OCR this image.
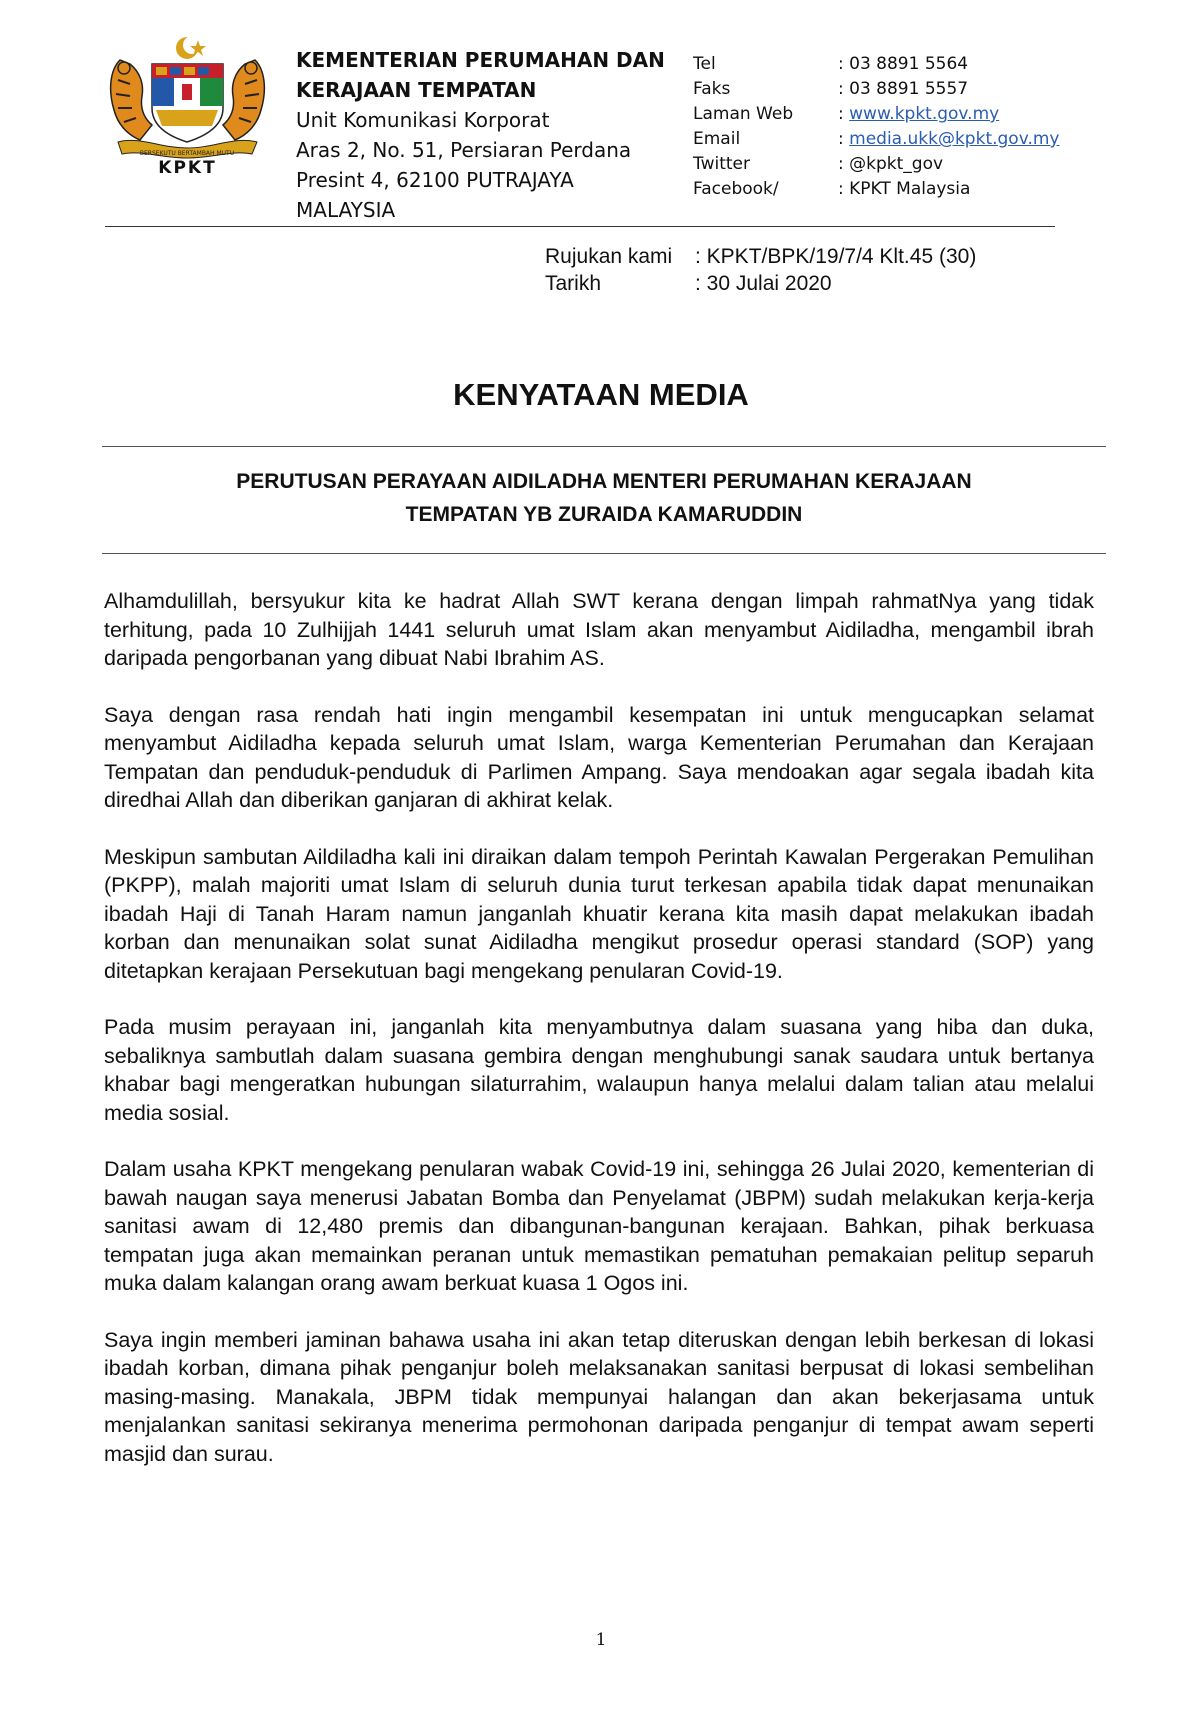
BERSEKUTU BERTAMBAH MUTU
KPKT
KEMENTERIAN PERUMAHAN DAN
KERAJAAN TEMPATAN
Unit Komunikasi Korporat
Aras 2, No. 51, Persiaran Perdana
Presint 4, 62100 PUTRAJAYA
MALAYSIA
Tel	: 03 8891 5564
Faks	: 03 8891 5557
Laman Web	: www.kpkt.gov.my
Email	: media.ukk@kpkt.gov.my
Twitter	: @kpkt_gov
Facebook/	: KPKT Malaysia
Rujukan kami	: KPKT/BPK/19/7/4 Klt.45 (30)
Tarikh	: 30 Julai 2020
KENYATAAN MEDIA
PERUTUSAN PERAYAAN AIDILADHA MENTERI PERUMAHAN KERAJAAN
TEMPATAN YB ZURAIDA KAMARUDDIN

Alhamdulillah, bersyukur kita ke hadrat Allah SWT kerana dengan limpah rahmatNya yang tidak terhitung, pada 10 Zulhijjah 1441 seluruh umat Islam akan menyambut Aidiladha, mengambil ibrah daripada pengorbanan yang dibuat Nabi Ibrahim AS.

Saya dengan rasa rendah hati ingin mengambil kesempatan ini untuk mengucapkan selamat menyambut Aidiladha kepada seluruh umat Islam, warga Kementerian Perumahan dan Kerajaan Tempatan dan penduduk-penduduk di Parlimen Ampang. Saya mendoakan agar segala ibadah kita diredhai Allah dan diberikan ganjaran di akhirat kelak.

Meskipun sambutan Aildiladha kali ini diraikan dalam tempoh Perintah Kawalan Pergerakan Pemulihan (PKPP), malah majoriti umat Islam di seluruh dunia turut terkesan apabila tidak dapat menunaikan ibadah Haji di Tanah Haram namun janganlah khuatir kerana kita masih dapat melakukan ibadah korban dan menunaikan solat sunat Aidiladha mengikut prosedur operasi standard (SOP) yang ditetapkan kerajaan Persekutuan bagi mengekang penularan Covid-19.

Pada musim perayaan ini, janganlah kita menyambutnya dalam suasana yang hiba dan duka, sebaliknya sambutlah dalam suasana gembira dengan menghubungi sanak saudara untuk bertanya khabar bagi mengeratkan hubungan silaturrahim, walaupun hanya melalui dalam talian atau melalui media sosial.

Dalam usaha KPKT mengekang penularan wabak Covid-19 ini, sehingga 26 Julai 2020, kementerian di bawah naugan saya menerusi Jabatan Bomba dan Penyelamat (JBPM) sudah melakukan kerja-kerja sanitasi awam di 12,480 premis dan dibangunan-bangunan kerajaan. Bahkan, pihak berkuasa tempatan juga akan memainkan peranan untuk memastikan pematuhan pemakaian pelitup separuh muka dalam kalangan orang awam berkuat kuasa 1 Ogos ini.

Saya ingin memberi jaminan bahawa usaha ini akan tetap diteruskan dengan lebih berkesan di lokasi ibadah korban, dimana pihak penganjur boleh melaksanakan sanitasi berpusat di lokasi sembelihan masing-masing. Manakala, JBPM tidak mempunyai halangan dan akan bekerjasama untuk menjalankan sanitasi sekiranya menerima permohonan daripada penganjur di tempat awam seperti masjid dan surau.

1
